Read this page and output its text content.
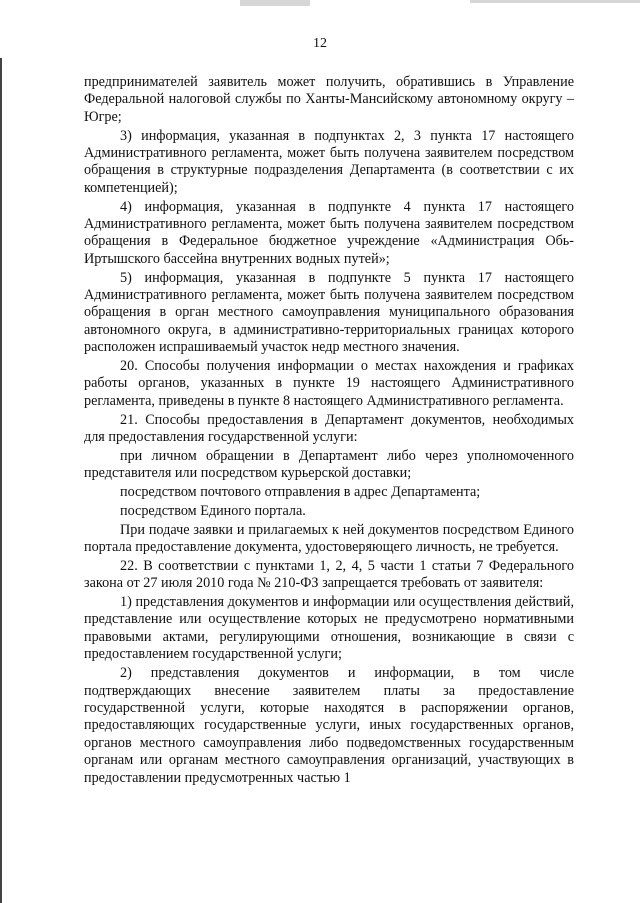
12

предпринимателей заявитель может получить, обратившись в Управление Федеральной налоговой службы по Ханты-Мансийскому автономному округу – Югре;

3) информация, указанная в подпунктах 2, 3 пункта 17 настоящего Административного регламента, может быть получена заявителем посредством обращения в структурные подразделения Департамента (в соответствии с их компетенцией);

4) информация, указанная в подпункте 4 пункта 17 настоящего Административного регламента, может быть получена заявителем посредством обращения в Федеральное бюджетное учреждение «Администрация Обь-Иртышского бассейна внутренних водных путей»;

5) информация, указанная в подпункте 5 пункта 17 настоящего Административного регламента, может быть получена заявителем посредством обращения в орган местного самоуправления муниципального образования автономного округа, в административно-территориальных границах которого расположен испрашиваемый участок недр местного значения.

20. Способы получения информации о местах нахождения и графиках работы органов, указанных в пункте 19 настоящего Административного регламента, приведены в пункте 8 настоящего Административного регламента.

21. Способы предоставления в Департамент документов, необходимых для предоставления государственной услуги:

при личном обращении в Департамент либо через уполномоченного представителя или посредством курьерской доставки;

посредством почтового отправления в адрес Департамента;

посредством Единого портала.

При подаче заявки и прилагаемых к ней документов посредством Единого портала предоставление документа, удостоверяющего личность, не требуется.

22. В соответствии с пунктами 1, 2, 4, 5 части 1 статьи 7 Федерального закона от 27 июля 2010 года № 210-ФЗ запрещается требовать от заявителя:

1) представления документов и информации или осуществления действий, представление или осуществление которых не предусмотрено нормативными правовыми актами, регулирующими отношения, возникающие в связи с предоставлением государственной услуги;

2) представления документов и информации, в том числе подтверждающих внесение заявителем платы за предоставление государственной услуги, которые находятся в распоряжении органов, предоставляющих государственные услуги, иных государственных органов, органов местного самоуправления либо подведомственных государственным органам или органам местного самоуправления организаций, участвующих в предоставлении предусмотренных частью 1
